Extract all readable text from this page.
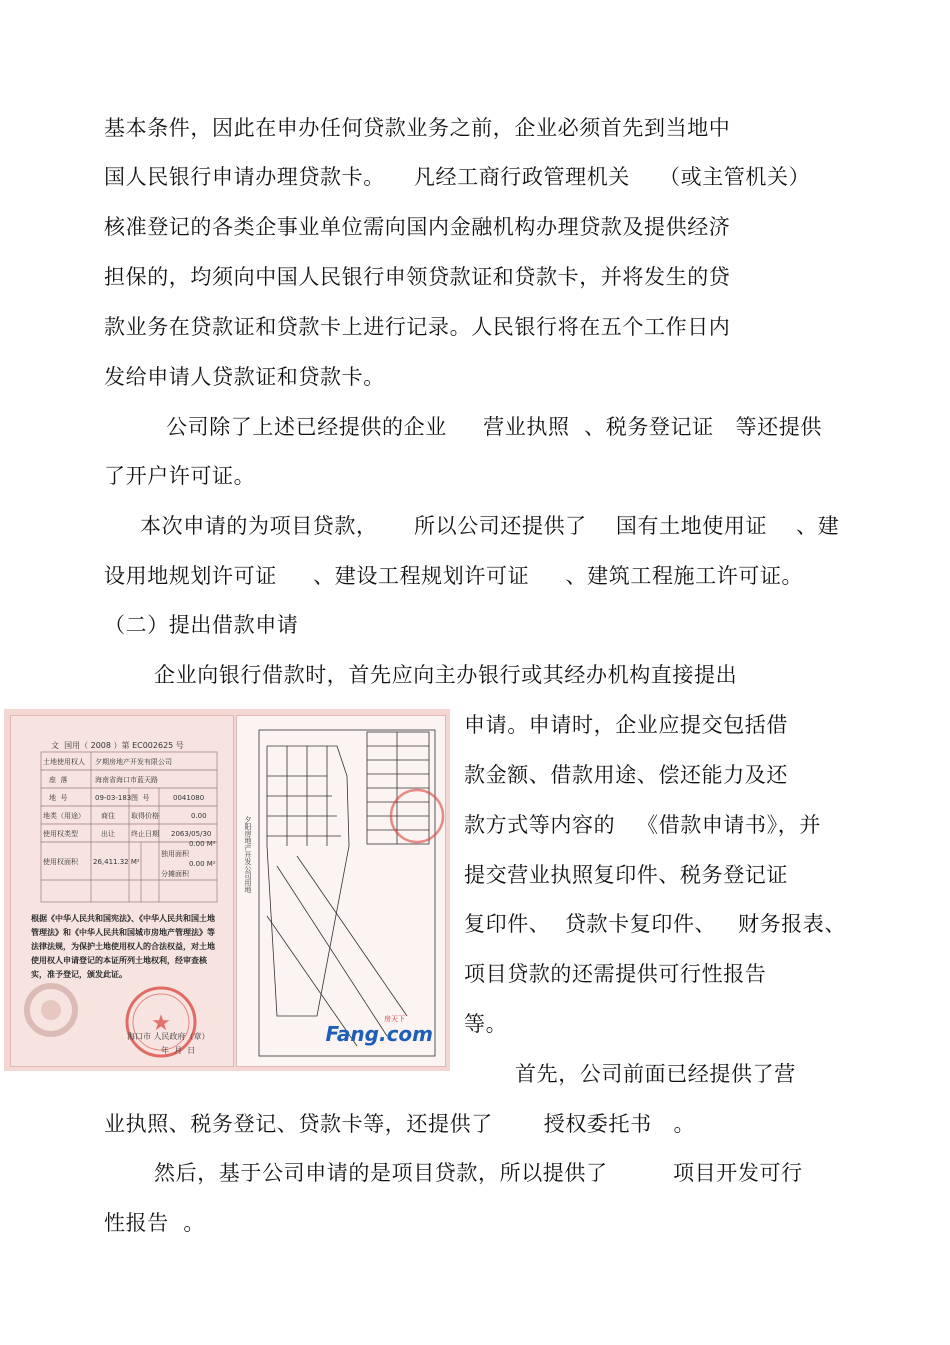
基本条件，因此在申办任何贷款业务之前，企业必须首先到当地中
国人民银行申请办理贷款卡。    凡经工商行政管理机关    （或主管机关）
核准登记的各类企事业单位需向国内金融机构办理贷款及提供经济
担保的，均须向中国人民银行申领贷款证和贷款卡，并将发生的贷
款业务在贷款证和贷款卡上进行记录。人民银行将在五个工作日内
发给申请人贷款证和贷款卡。
公司除了上述已经提供的企业     营业执照  、税务登记证   等还提供
了开户许可证。
本次申请的为项目贷款，     所以公司还提供了    国有土地使用证    、建
设用地规划许可证     、建设工程规划许可证     、建筑工程施工许可证。
（二）提出借款申请
企业向银行借款时，首先应向主办银行或其经办机构直接提出
申请。申请时，企业应提交包括借
款金额、借款用途、偿还能力及还
款方式等内容的   《借款申请书》，并
提交营业执照复印件、税务登记证
复印件、  贷款卡复印件、   财务报表、
项目贷款的还需提供可行性报告
等。
首先，公司前面已经提供了营
业执照、税务登记、贷款卡等，还提供了       授权委托书   。
然后，基于公司申请的是项目贷款，所以提供了         项目开发可行
性报告  。
文  国用（ 2008 ）第 EC002625 号
土地使用权人 夕期房地产开发有限公司
座  落	海南省海口市蓝天路
地  号	09-03-183 图  号	0041080
地类（用途） 商住 取得价格	0.00
使用权类型	出让 终止日期 2063/05/30
使用权面积 26,411.32 M²
独用面积
0.00 M²
分摊面积
0.00 M²
根据《中华人民共和国宪法》、《中华人民共和国土地管理法》和《中华人民共和国城市房地产管理法》等法律法规，为保护土地使用权人的合法权益，对土地使用权人申请登记的本证所列土地权利，经审查核实，准予登记，颁发此证。
★
海口市 人民政府（章）
年  月  日
夕阳房地产开发公司用地
房天下
Fang.com
